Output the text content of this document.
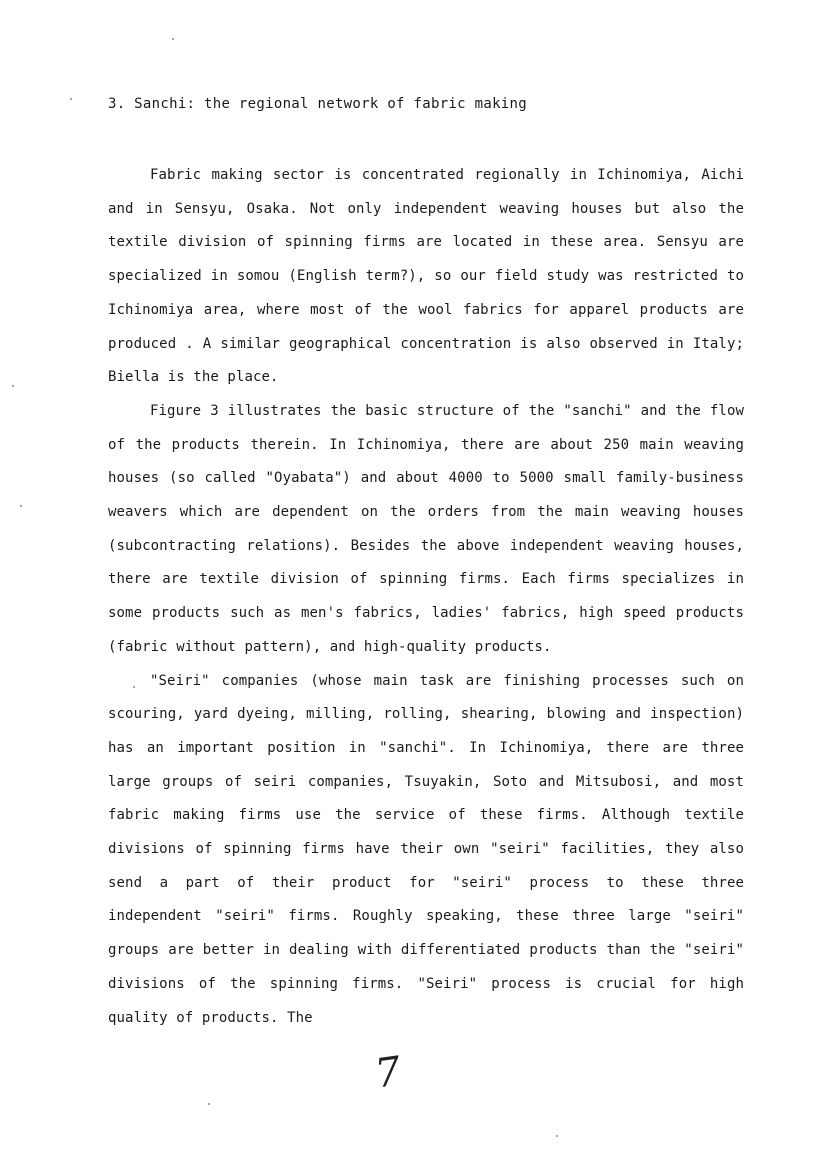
3. Sanchi: the regional network of fabric making

Fabric making sector is concentrated regionally in Ichinomiya, Aichi and in Sensyu, Osaka. Not only independent weaving houses but also the textile division of spinning firms are located in these area. Sensyu are specialized in somou (English term?), so our field study was restricted to Ichinomiya area, where most of the wool fabrics for apparel products are produced . A similar geographical concentration is also observed in Italy; Biella is the place.

Figure 3 illustrates the basic structure of the "sanchi" and the flow of the products therein. In Ichinomiya, there are about 250 main weaving houses (so called "Oyabata") and about 4000 to 5000 small family-business weavers which are dependent on the orders from the main weaving houses (subcontracting relations). Besides the above independent weaving houses, there are textile division of spinning firms. Each firms specializes in some products such as men's fabrics, ladies' fabrics, high speed products (fabric without pattern), and high-quality products.

"Seiri" companies (whose main task are finishing processes such on scouring, yard dyeing, milling, rolling, shearing, blowing and inspection) has an important position in "sanchi". In Ichinomiya, there are three large groups of seiri companies, Tsuyakin, Soto and Mitsubosi, and most fabric making firms use the service of these firms. Although textile divisions of spinning firms have their own "seiri" facilities, they also send a part of their product for "seiri" process to these three independent "seiri" firms. Roughly speaking, these three large "seiri" groups are better in dealing with differentiated products than the "seiri" divisions of the spinning firms. "Seiri" process is crucial for high quality of products. The

7
